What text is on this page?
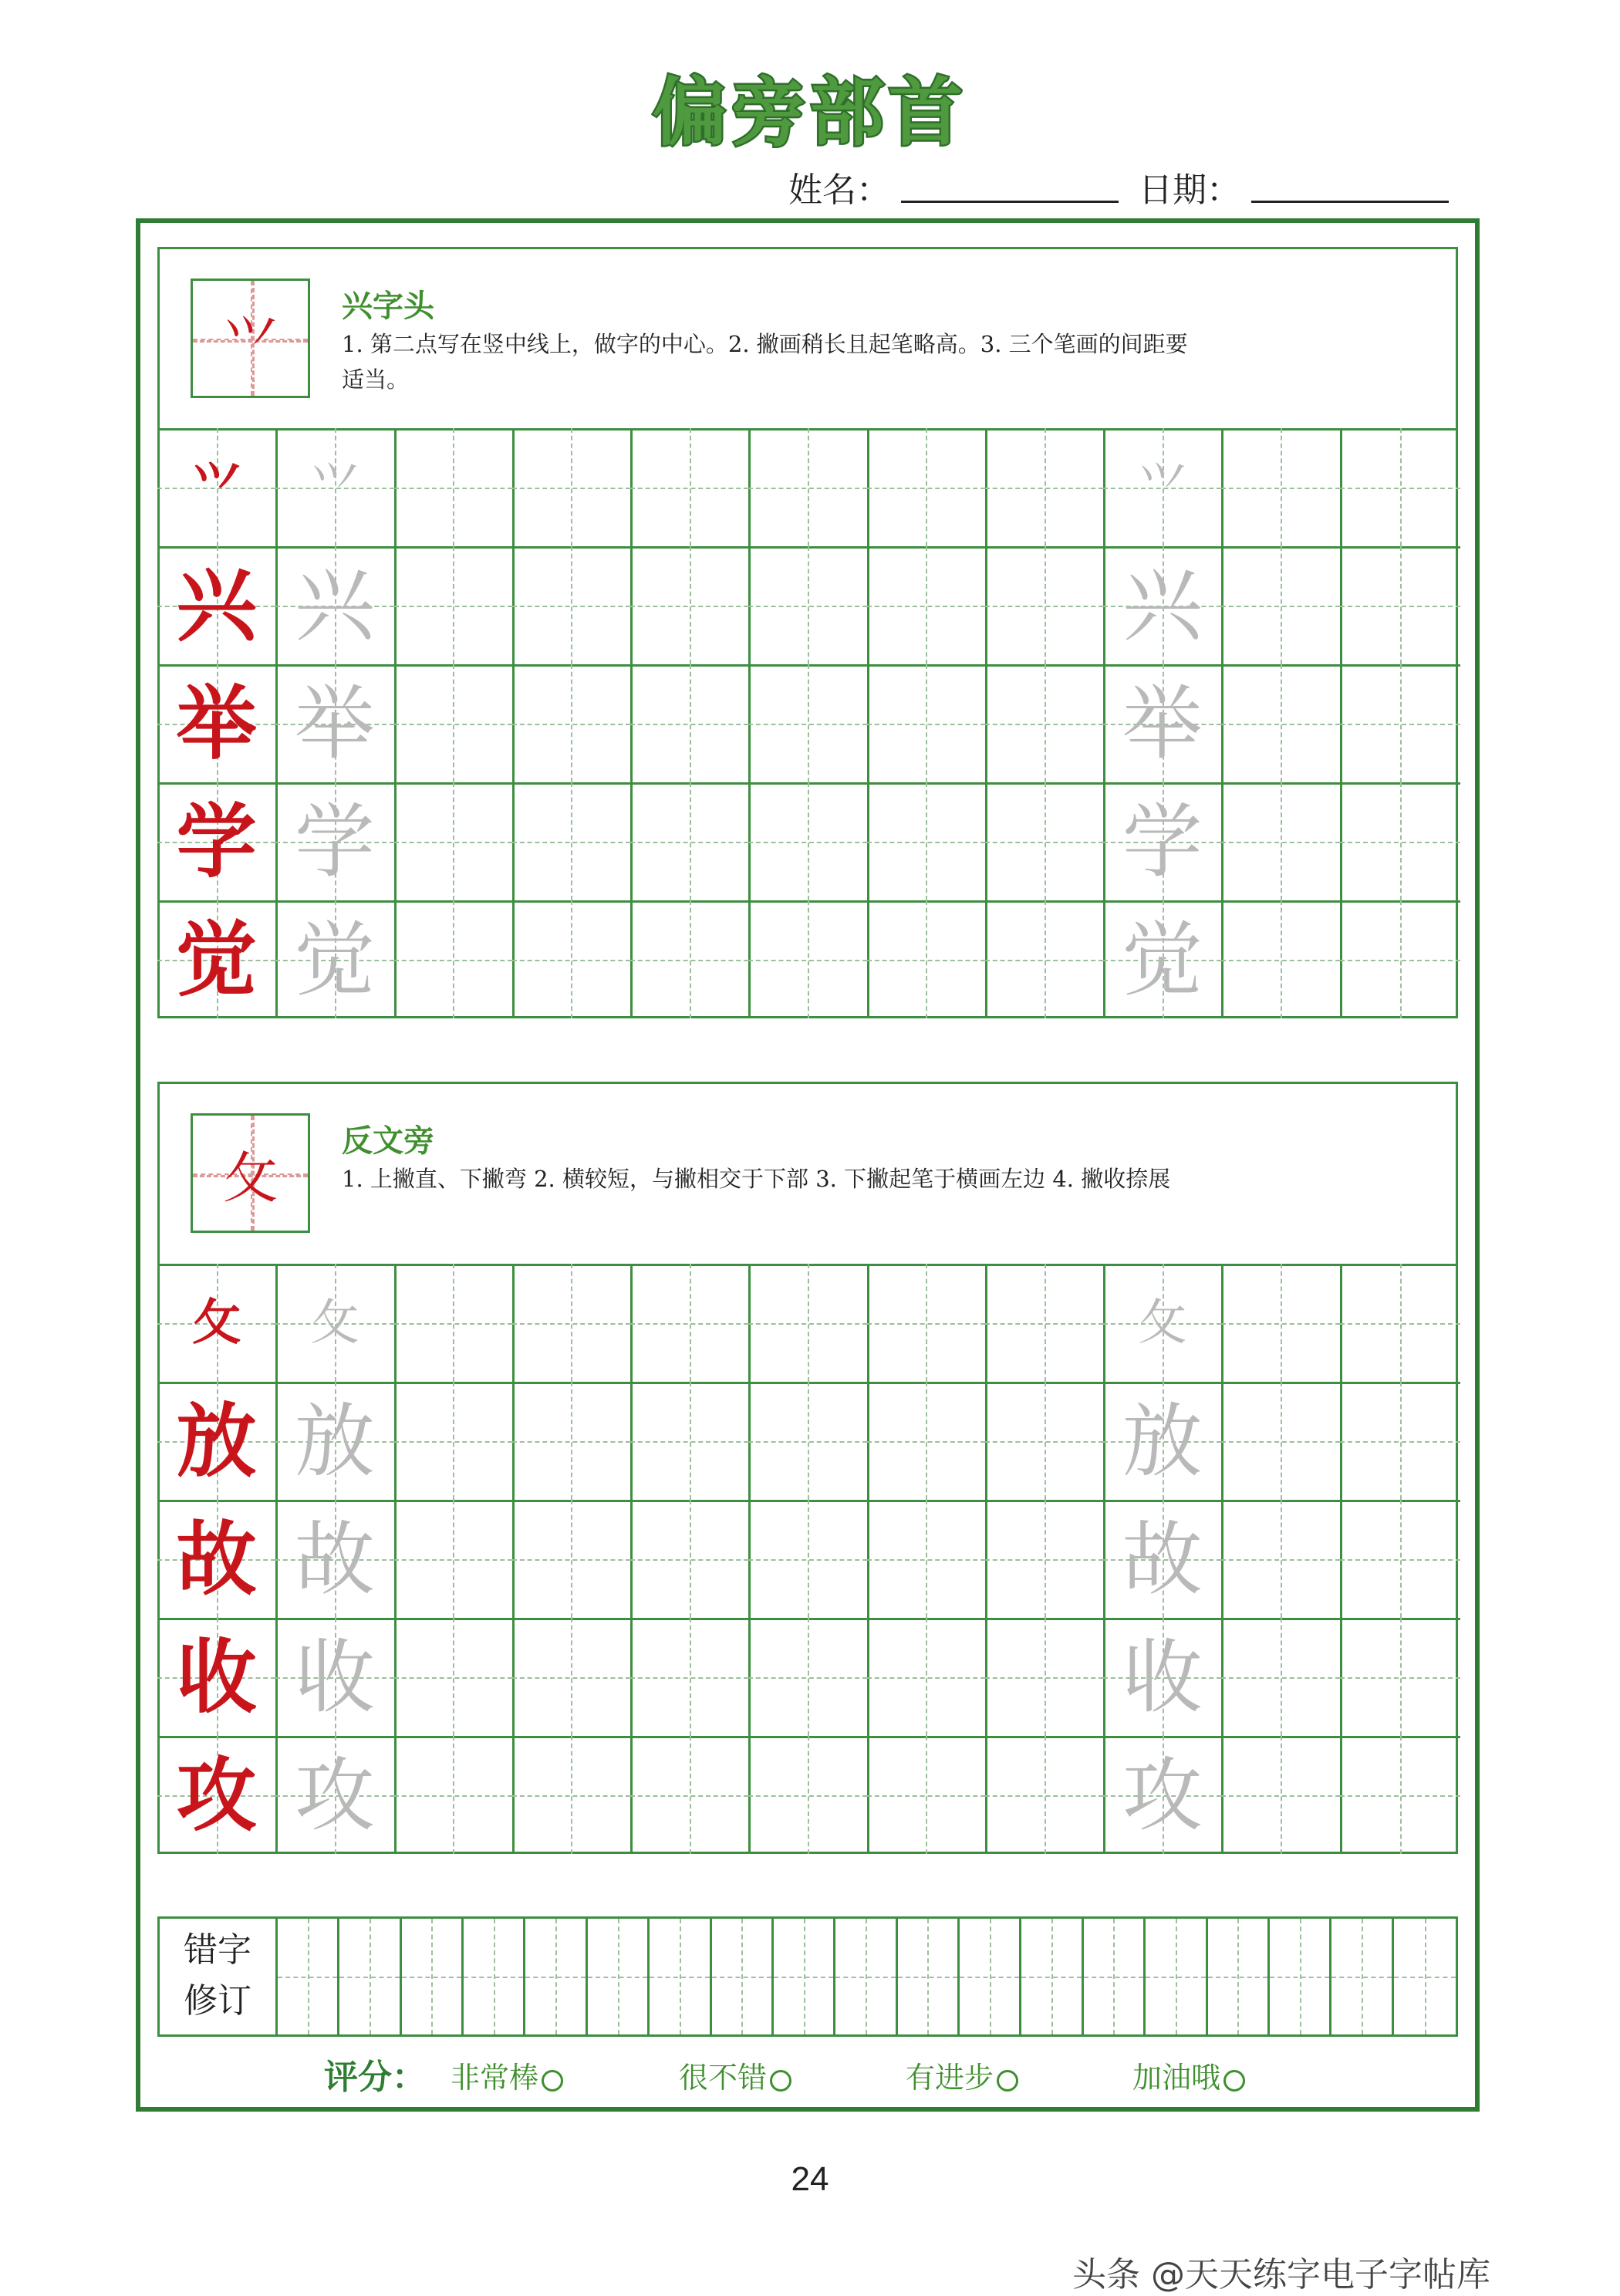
偏旁部首
姓名：	日期：
⺍
兴字头
1. 第二点写在竖中线上，做字的中心。2. 撇画稍长且起笔略高。3. 三个笔画的间距要
适当。
⺍	⺍	⺍
兴 兴	兴
举 举	举
学 学	学
觉 觉	觉
攵
反文旁
1. 上撇直、下撇弯 2. 横较短，与撇相交于下部 3. 下撇起笔于横画左边 4. 撇收捺展
攵	攵	攵
放 放	放
故 故	故
收 收	收
攻 攻	攻
错字
修订
评分： 非常棒	很不错	有进步	加油哦
24
头条 @天天练字电子字帖库
